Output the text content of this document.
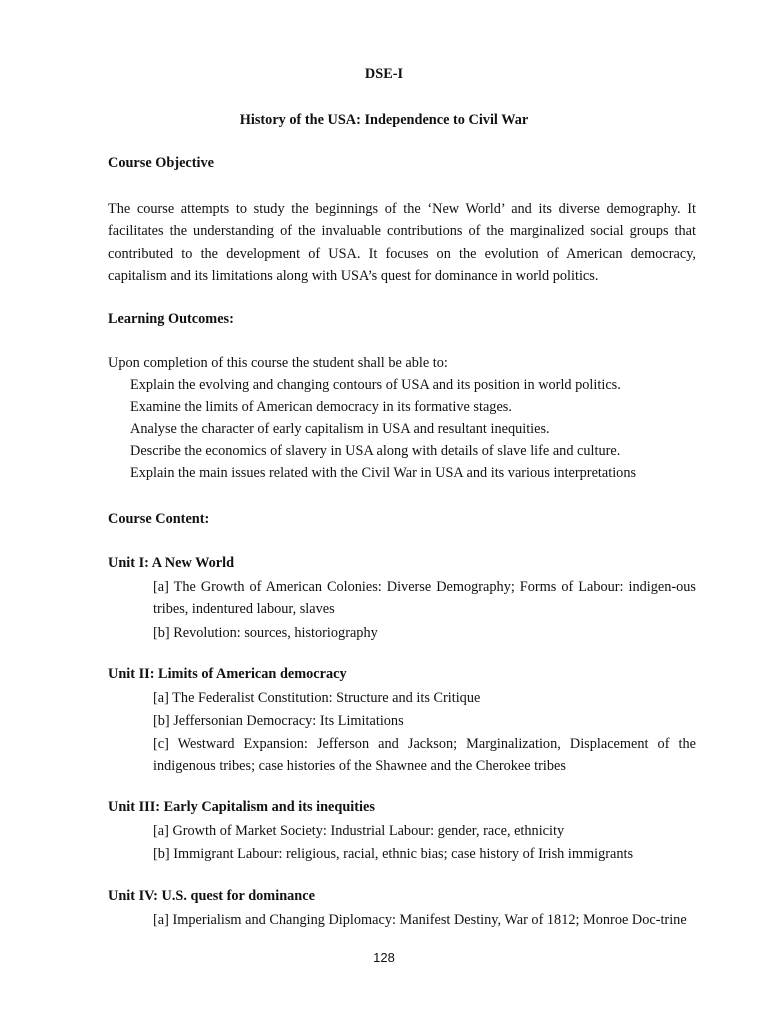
DSE-I
History of the USA: Independence to Civil War
Course Objective
The course attempts to study the beginnings of the ‘New World’ and its diverse demography. It facilitates the understanding of the invaluable contributions of the marginalized social groups that contributed to the development of USA. It focuses on the evolution of American democracy, capitalism and its limitations along with USA’s quest for dominance in world politics.
Learning Outcomes:
Upon completion of this course the student shall be able to:
Explain the evolving and changing contours of USA and its position in world politics.
Examine the limits of American democracy in its formative stages.
Analyse the character of early capitalism in USA and resultant inequities.
Describe the economics of slavery in USA along with details of slave life and culture.
Explain the main issues related with the Civil War in USA and its various interpretations
Course Content:
Unit I: A New World
[a] The Growth of American Colonies: Diverse Demography; Forms of Labour: indigen-ous tribes, indentured labour, slaves
[b] Revolution: sources, historiography
Unit II: Limits of American democracy
[a] The Federalist Constitution: Structure and its Critique
[b] Jeffersonian Democracy: Its Limitations
[c] Westward Expansion: Jefferson and Jackson; Marginalization, Displacement of the indigenous tribes; case histories of the Shawnee and the Cherokee tribes
Unit III: Early Capitalism and its inequities
[a] Growth of Market Society: Industrial Labour: gender, race, ethnicity
[b] Immigrant Labour: religious, racial, ethnic bias; case history of Irish immigrants
Unit IV: U.S. quest for dominance
[a] Imperialism and Changing Diplomacy: Manifest Destiny, War of 1812; Monroe Doc-trine
128
